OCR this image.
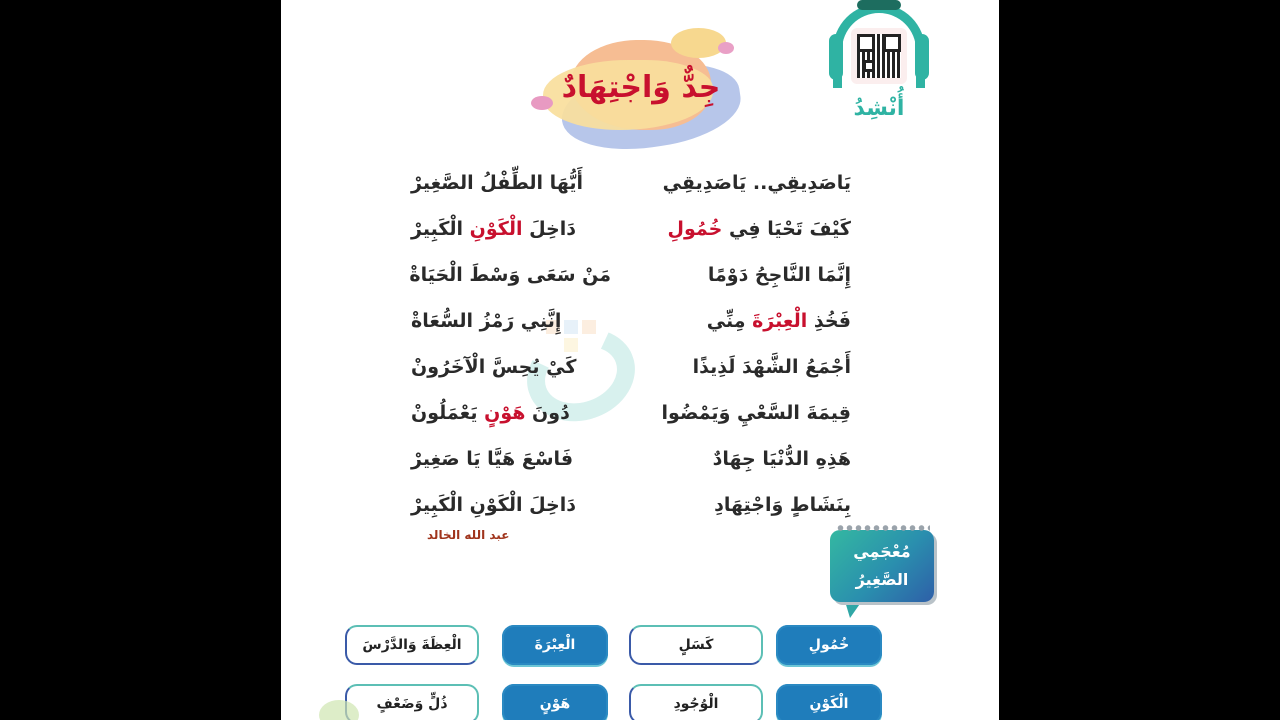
جِدٌّ وَاجْتِهَادٌ
أُنْشِدُ
يَاصَدِيقِي.. يَاصَدِيقِي
كَيْفَ تَحْيَا فِي خُمُولِ
إِنَّمَا النَّاجِحُ دَوْمًا
فَخُذِ الْعِبْرَةَ مِنِّي
أَجْمَعُ الشَّهْدَ لَذِيذًا
قِيمَةَ السَّعْيِ وَيَمْضُوا
هَذِهِ الدُّنْيَا جِهَادٌ
بِنَشَاطٍ وَاجْتِهَادِ
أَيُّهَا الطِّفْلُ الصَّغِيرْ
دَاخِلَ الْكَوْنِ الْكَبِيرْ
مَنْ سَعَى وَسْطَ الْحَيَاةْ
إِنَّنِي رَمْزُ السُّعَاةْ
كَيْ يُحِسَّ الْآخَرُونْ
دُونَ هَوْنٍ يَعْمَلُونْ
فَاسْعَ هَيَّا يَا صَغِيرْ
دَاخِلَ الْكَوْنِ الْكَبِيرْ
عبد الله الخالد
مُعْجَمِي
الصَّغِيرُ
خُمُولِ
كَسَلٍ
الْعِبْرَةَ
الْعِظَةَ وَالدَّرْسَ
الْكَوْنِ
الْوُجُودِ
هَوْنٍ
ذُلٍّ وَضَعْفٍ
